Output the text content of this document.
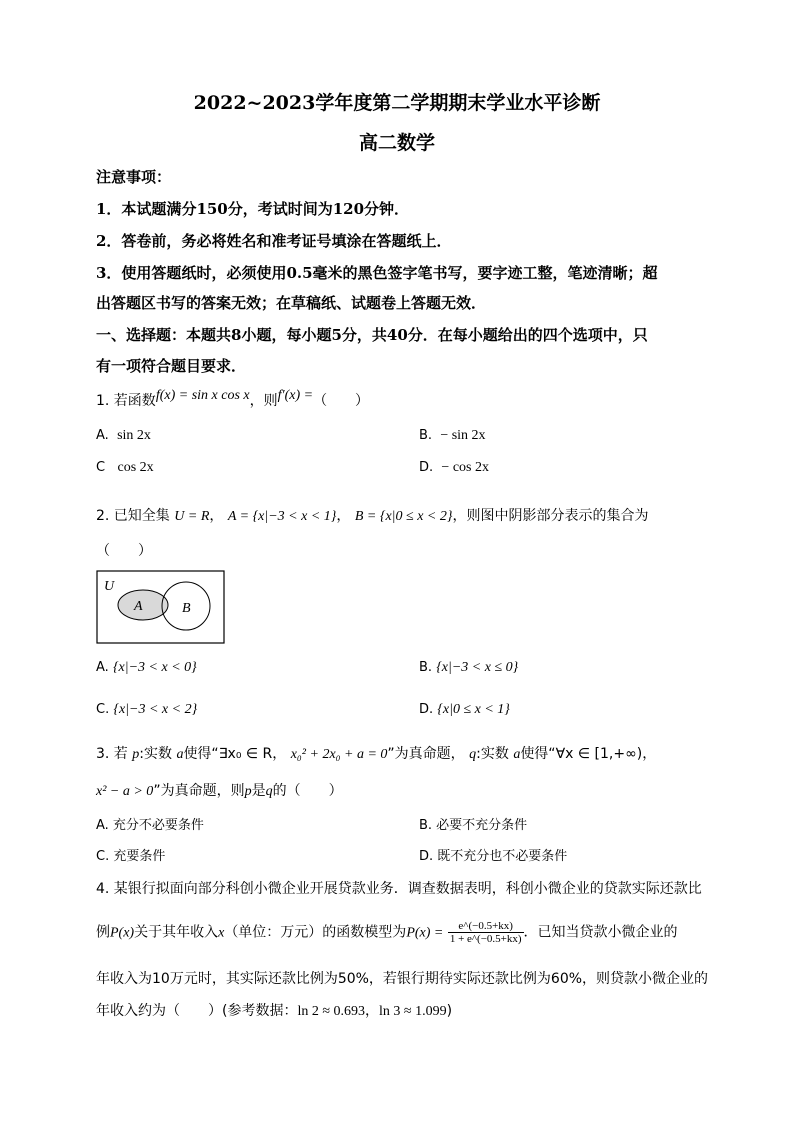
2022~2023学年度第二学期期末学业水平诊断
高二数学
注意事项：
1．本试题满分150分，考试时间为120分钟．
2．答卷前，务必将姓名和准考证号填涂在答题纸上．
3．使用答题纸时，必须使用0.5毫米的黑色签字笔书写，要字迹工整，笔迹清晰；超
出答题区书写的答案无效；在草稿纸、试题卷上答题无效．
一、选择题：本题共8小题，每小题5分，共40分．在每小题给出的四个选项中，只
有一项符合题目要求．
1. 若函数f(x) = sin x cos x，则f′(x) =（　　）
A. sin 2x	B. − sin 2x
C cos 2x	D. − cos 2x
2. 已知全集 U = R， A = {x|−3 < x < 1}， B = {x|0 ≤ x < 2}，则图中阴影部分表示的集合为
（　　）
U
A	B
A. {x|−3 < x < 0}	B. {x|−3 < x ≤ 0}
C. {x|−3 < x < 2}	D. {x|0 ≤ x < 1}
3. 若 p:实数 a使得“∃x₀ ∈ R， x₀² + 2x₀ + a = 0”为真命题， q:实数 a使得“∀x ∈ [1,+∞)，
x² − a > 0”为真命题，则p是q的（　　）
A. 充分不必要条件	B. 必要不充分条件
C. 充要条件	D. 既不充分也不必要条件
4. 某银行拟面向部分科创小微企业开展贷款业务．调查数据表明，科创小微企业的贷款实际还款比
例P(x)关于其年收入x（单位：万元）的函数模型为$P(x) = \frac{e\^{}(-0.5+kx)}{1 + e\^{}(-0.5+kx)}$ ．已知当贷款小微企业的
年收入为10万元时，其实际还款比例为50%，若银行期待实际还款比例为60%，则贷款小微企业的
年收入约为（　　）(参考数据：ln 2 ≈ 0.693，ln 3 ≈ 1.099)
